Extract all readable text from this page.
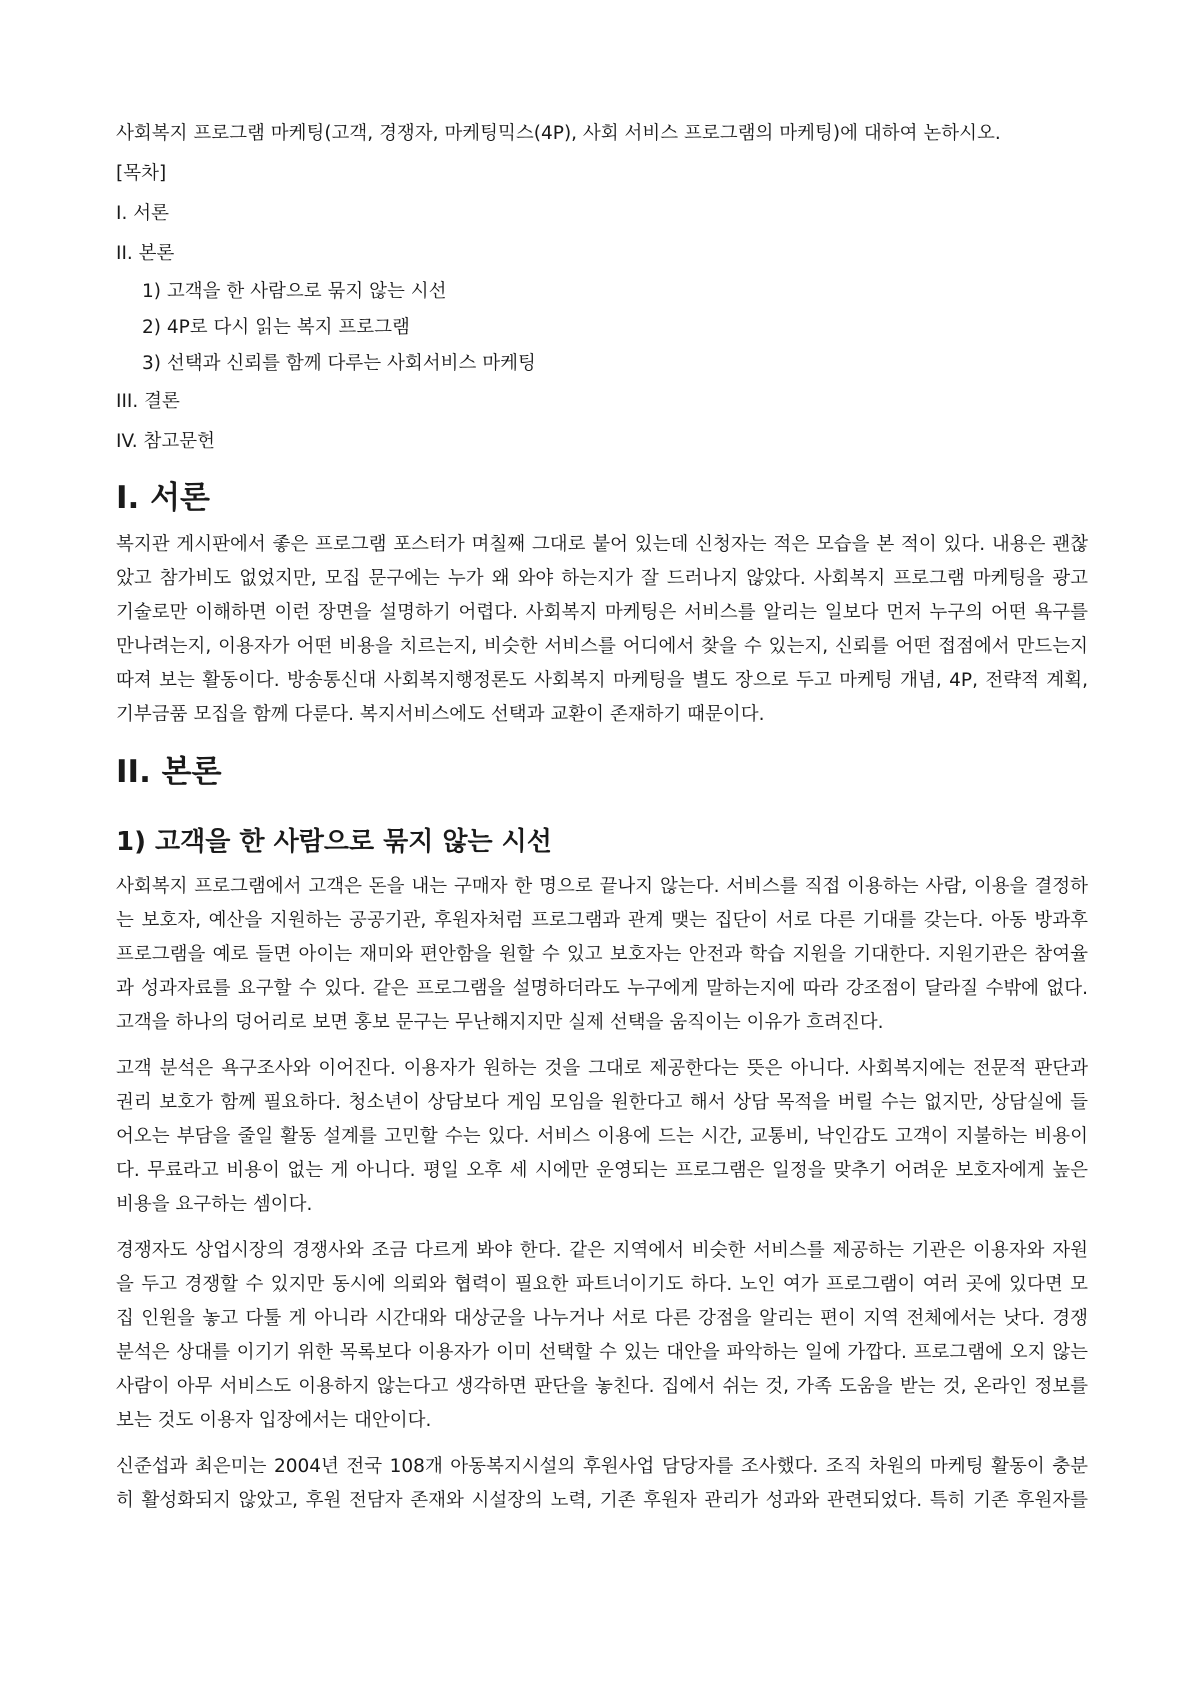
사회복지 프로그램 마케팅(고객, 경쟁자, 마케팅믹스(4P), 사회 서비스 프로그램의 마케팅)에 대하여 논하시오.

[목차]

I. 서론

II. 본론

1) 고객을 한 사람으로 묶지 않는 시선

2) 4P로 다시 읽는 복지 프로그램

3) 선택과 신뢰를 함께 다루는 사회서비스 마케팅

III. 결론

IV. 참고문헌

I. 서론
복지관 게시판에서 좋은 프로그램 포스터가 며칠째 그대로 붙어 있는데 신청자는 적은 모습을 본 적이 있다. 내용은 괜찮
았고 참가비도 없었지만, 모집 문구에는 누가 왜 와야 하는지가 잘 드러나지 않았다. 사회복지 프로그램 마케팅을 광고
기술로만 이해하면 이런 장면을 설명하기 어렵다. 사회복지 마케팅은 서비스를 알리는 일보다 먼저 누구의 어떤 욕구를
만나려는지, 이용자가 어떤 비용을 치르는지, 비슷한 서비스를 어디에서 찾을 수 있는지, 신뢰를 어떤 접점에서 만드는지
따져 보는 활동이다. 방송통신대 사회복지행정론도 사회복지 마케팅을 별도 장으로 두고 마케팅 개념, 4P, 전략적 계획,
기부금품 모집을 함께 다룬다. 복지서비스에도 선택과 교환이 존재하기 때문이다.
II. 본론
1) 고객을 한 사람으로 묶지 않는 시선
사회복지 프로그램에서 고객은 돈을 내는 구매자 한 명으로 끝나지 않는다. 서비스를 직접 이용하는 사람, 이용을 결정하
는 보호자, 예산을 지원하는 공공기관, 후원자처럼 프로그램과 관계 맺는 집단이 서로 다른 기대를 갖는다. 아동 방과후
프로그램을 예로 들면 아이는 재미와 편안함을 원할 수 있고 보호자는 안전과 학습 지원을 기대한다. 지원기관은 참여율
과 성과자료를 요구할 수 있다. 같은 프로그램을 설명하더라도 누구에게 말하는지에 따라 강조점이 달라질 수밖에 없다.
고객을 하나의 덩어리로 보면 홍보 문구는 무난해지지만 실제 선택을 움직이는 이유가 흐려진다.
고객 분석은 욕구조사와 이어진다. 이용자가 원하는 것을 그대로 제공한다는 뜻은 아니다. 사회복지에는 전문적 판단과
권리 보호가 함께 필요하다. 청소년이 상담보다 게임 모임을 원한다고 해서 상담 목적을 버릴 수는 없지만, 상담실에 들
어오는 부담을 줄일 활동 설계를 고민할 수는 있다. 서비스 이용에 드는 시간, 교통비, 낙인감도 고객이 지불하는 비용이
다. 무료라고 비용이 없는 게 아니다. 평일 오후 세 시에만 운영되는 프로그램은 일정을 맞추기 어려운 보호자에게 높은
비용을 요구하는 셈이다.
경쟁자도 상업시장의 경쟁사와 조금 다르게 봐야 한다. 같은 지역에서 비슷한 서비스를 제공하는 기관은 이용자와 자원
을 두고 경쟁할 수 있지만 동시에 의뢰와 협력이 필요한 파트너이기도 하다. 노인 여가 프로그램이 여러 곳에 있다면 모
집 인원을 놓고 다툴 게 아니라 시간대와 대상군을 나누거나 서로 다른 강점을 알리는 편이 지역 전체에서는 낫다. 경쟁
분석은 상대를 이기기 위한 목록보다 이용자가 이미 선택할 수 있는 대안을 파악하는 일에 가깝다. 프로그램에 오지 않는
사람이 아무 서비스도 이용하지 않는다고 생각하면 판단을 놓친다. 집에서 쉬는 것, 가족 도움을 받는 것, 온라인 정보를
보는 것도 이용자 입장에서는 대안이다.
신준섭과 최은미는 2004년 전국 108개 아동복지시설의 후원사업 담당자를 조사했다. 조직 차원의 마케팅 활동이 충분
히 활성화되지 않았고, 후원 전담자 존재와 시설장의 노력, 기존 후원자 관리가 성과와 관련되었다. 특히 기존 후원자를
